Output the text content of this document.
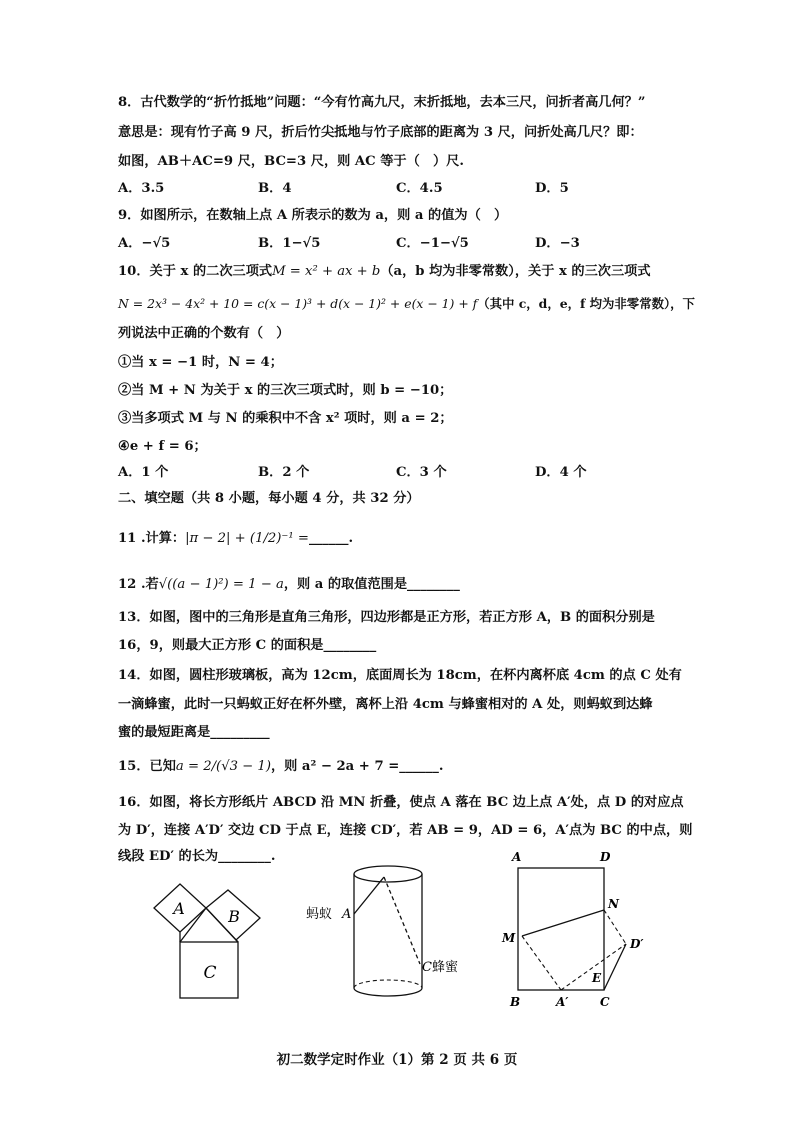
8．古代数学的“折竹抵地”问题：“今有竹高九尺，末折抵地，去本三尺，问折者高几何？”
意思是：现有竹子高 9 尺，折后竹尖抵地与竹子底部的距离为 3 尺，问折处高几尺？即：
如图，AB＋AC=9 尺，BC=3 尺，则 AC 等于（　）尺.
A．3.5	B．4	C．4.5	D．5
9．如图所示，在数轴上点 A 所表示的数为 a，则 a 的值为（　）
A．−√5	B．1−√5	C．−1−√5	D．−3
10．关于 x 的二次三项式M = x² + ax + b（a，b 均为非零常数），关于 x 的三次三项式
N = 2x³ − 4x² + 10 = c(x − 1)³ + d(x − 1)² + e(x − 1) + f（其中 c，d，e，f 均为非零常数），下
列说法中正确的个数有（　）
①当 x = −1 时，N = 4；
②当 M + N 为关于 x 的三次三项式时，则 b = −10；
③当多项式 M 与 N 的乘积中不含 x² 项时，则 a = 2；
④e + f = 6；
A．1 个	B．2 个	C．3 个	D．4 个
二、填空题（共 8 小题，每小题 4 分，共 32 分）
11 .计算：|π − 2| + (1/2)⁻¹ =______.
12 .若√((a − 1)²) = 1 − a，则 a 的取值范围是________
13．如图，图中的三角形是直角三角形，四边形都是正方形，若正方形 A，B 的面积分别是
16，9，则最大正方形 C 的面积是________
14．如图，圆柱形玻璃板，高为 12cm，底面周长为 18cm，在杯内离杯底 4cm 的点 C 处有
一滴蜂蜜，此时一只蚂蚁正好在杯外壁，离杯上沿 4cm 与蜂蜜相对的 A 处，则蚂蚁到达蜂
蜜的最短距离是_________
15．已知a = 2/(√3 − 1)，则 a² − 2a + 7 =______.
16．如图，将长方形纸片 ABCD 沿 MN 折叠，使点 A 落在 BC 边上点 A′处，点 D 的对应点
为 D′，连接 A′D′ 交边 CD 于点 E，连接 CD′，若 AB = 9，AD = 6，A′点为 BC 的中点，则
线段 ED′ 的长为________.
A	B
C
蚂蚁 A
C 蜂蜜
A	D
N
M	D′
E
B	A′	C
初二数学定时作业（1）第 2 页 共 6 页
